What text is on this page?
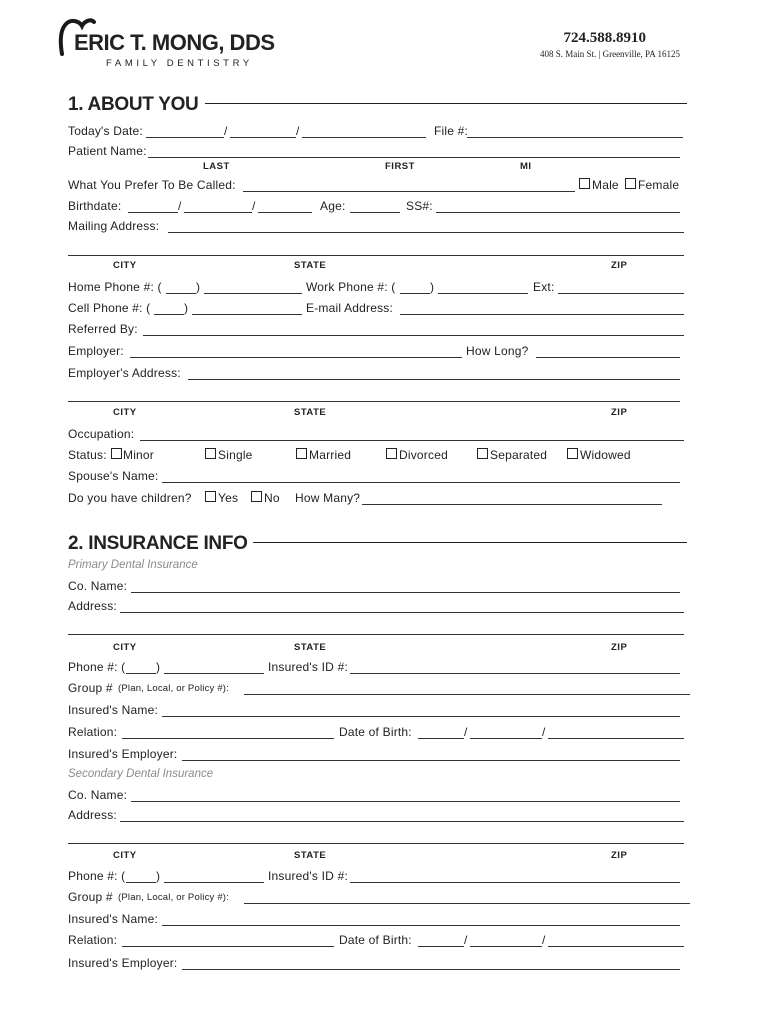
ERIC T. MONG, DDS
FAMILY DENTISTRY
724.588.8910
408 S. Main St. | Greenville, PA 16125
1. ABOUT YOU
Today's Date:	/	/	File #:
Patient Name:
LAST	FIRST	MI
What You Prefer To Be Called:	Male Female
Birthdate:	/	/	Age:	SS#:
Mailing Address:
CITY	STATE	ZIP
Home Phone #: (	)	Work Phone #: (	)	Ext:
Cell Phone #: (	)	E-mail Address:
Referred By:
Employer:	How Long?
Employer's Address:
CITY	STATE	ZIP
Occupation:
Status: Minor	Single	Married	Divorced	Separated	Widowed
Spouse's Name:
Do you have children? Yes No How Many?
2. INSURANCE INFO
Primary Dental Insurance
Co. Name:
Address:
CITY	STATE	ZIP
Phone #: (	)	Insured's ID #:
Group # (Plan, Local, or Policy #):
Insured's Name:
Relation:	Date of Birth:	/	/
Insured's Employer:
Secondary Dental Insurance
Co. Name:
Address:
CITY	STATE	ZIP
Phone #: (	)	Insured's ID #:
Group # (Plan, Local, or Policy #):
Insured's Name:
Relation:	Date of Birth:	/	/
Insured's Employer:
